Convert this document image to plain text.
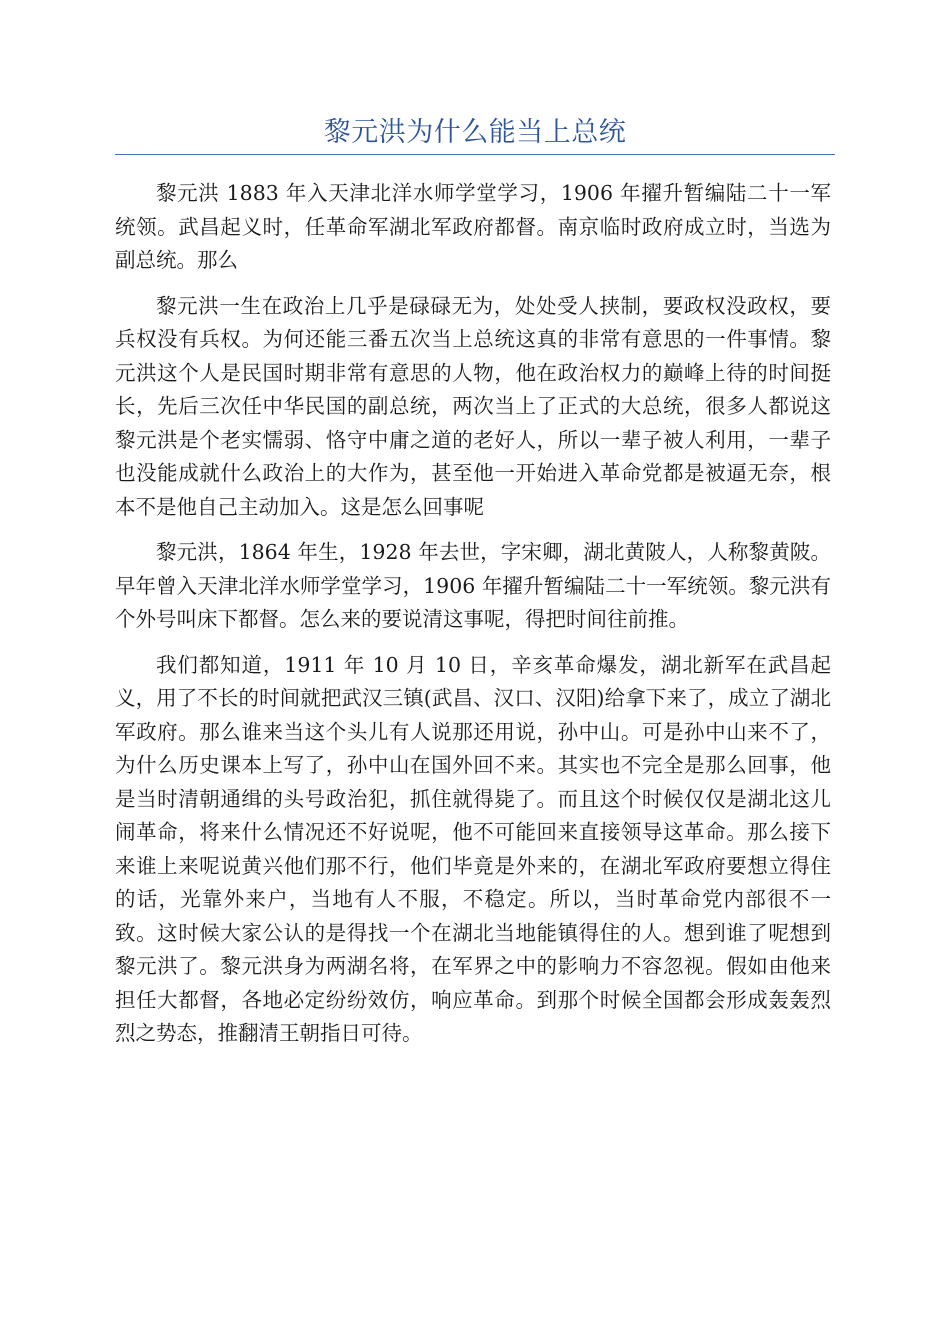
黎元洪为什么能当上总统

黎元洪 1883 年入天津北洋水师学堂学习，1906 年擢升暂编陆二十一军统领。武昌起义时，任革命军湖北军政府都督。南京临时政府成立时，当选为副总统。那么

黎元洪一生在政治上几乎是碌碌无为，处处受人挟制，要政权没政权，要兵权没有兵权。为何还能三番五次当上总统这真的非常有意思的一件事情。黎元洪这个人是民国时期非常有意思的人物，他在政治权力的巅峰上待的时间挺长，先后三次任中华民国的副总统，两次当上了正式的大总统，很多人都说这黎元洪是个老实懦弱、恪守中庸之道的老好人，所以一辈子被人利用，一辈子也没能成就什么政治上的大作为，甚至他一开始进入革命党都是被逼无奈，根本不是他自己主动加入。这是怎么回事呢

黎元洪，1864 年生，1928 年去世，字宋卿，湖北黄陂人，人称黎黄陂。早年曾入天津北洋水师学堂学习，1906 年擢升暂编陆二十一军统领。黎元洪有个外号叫床下都督。怎么来的要说清这事呢，得把时间往前推。

我们都知道，1911 年 10 月 10 日，辛亥革命爆发，湖北新军在武昌起义，用了不长的时间就把武汉三镇(武昌、汉口、汉阳)给拿下来了，成立了湖北军政府。那么谁来当这个头儿有人说那还用说，孙中山。可是孙中山来不了，为什么历史课本上写了，孙中山在国外回不来。其实也不完全是那么回事，他是当时清朝通缉的头号政治犯，抓住就得毙了。而且这个时候仅仅是湖北这儿闹革命，将来什么情况还不好说呢，他不可能回来直接领导这革命。那么接下来谁上来呢说黄兴他们那不行，他们毕竟是外来的，在湖北军政府要想立得住的话，光靠外来户，当地有人不服，不稳定。所以，当时革命党内部很不一致。这时候大家公认的是得找一个在湖北当地能镇得住的人。想到谁了呢想到黎元洪了。黎元洪身为两湖名将，在军界之中的影响力不容忽视。假如由他来担任大都督，各地必定纷纷效仿，响应革命。到那个时候全国都会形成轰轰烈烈之势态，推翻清王朝指日可待。
